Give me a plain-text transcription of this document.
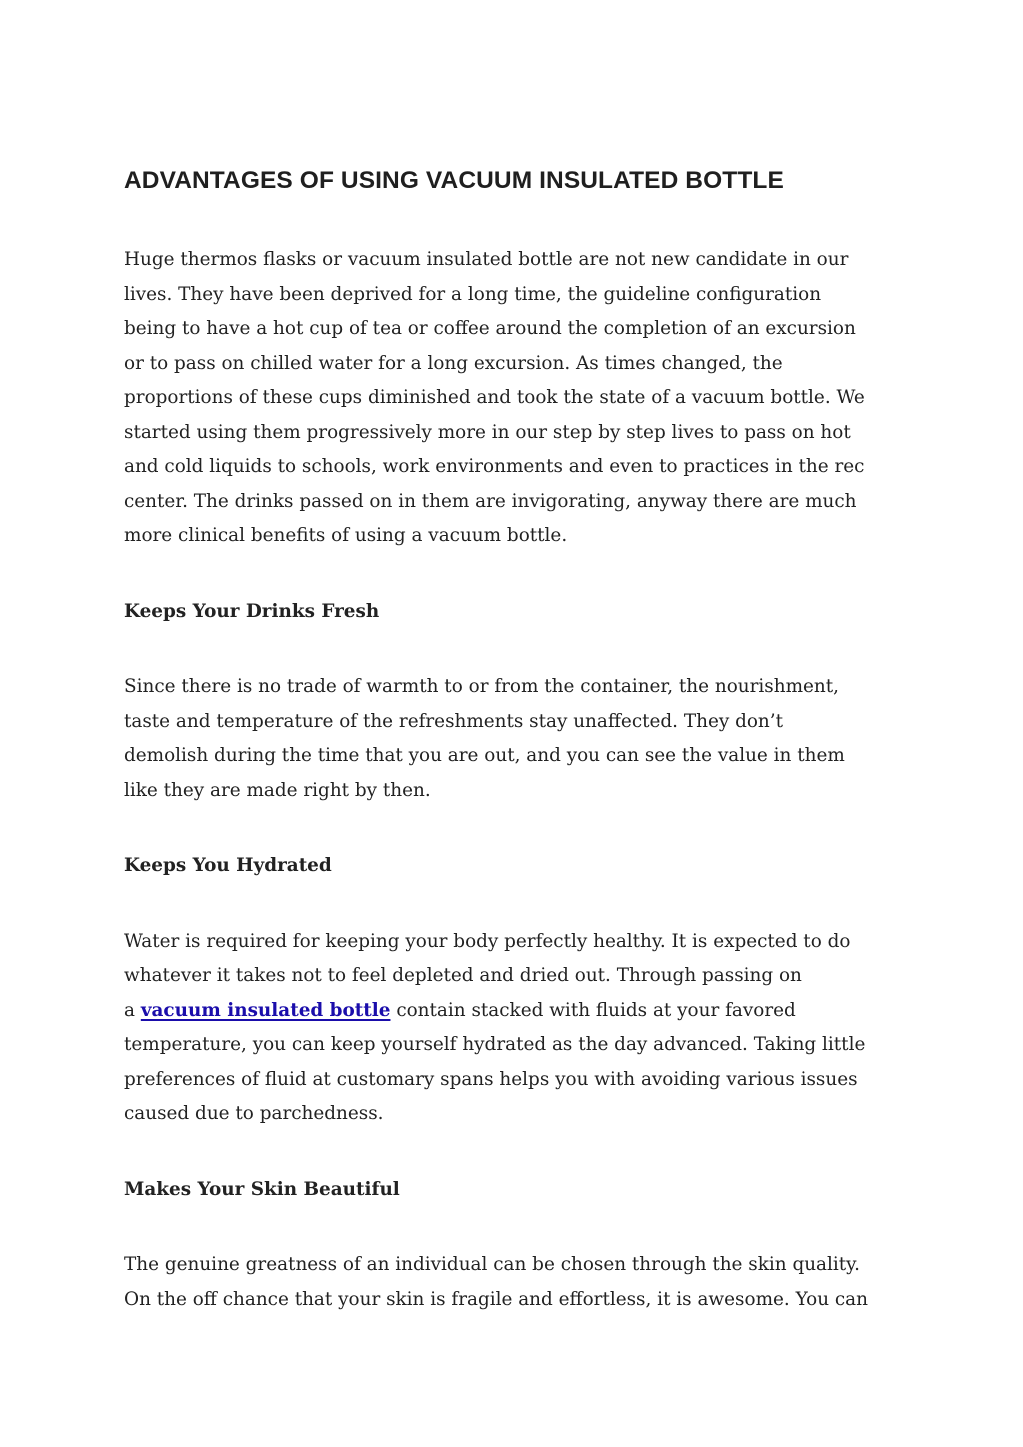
ADVANTAGES OF USING VACUUM INSULATED BOTTLE

Huge thermos flasks or vacuum insulated bottle are not new candidate in our
lives. They have been deprived for a long time, the guideline configuration
being to have a hot cup of tea or coffee around the completion of an excursion
or to pass on chilled water for a long excursion. As times changed, the
proportions of these cups diminished and took the state of a vacuum bottle. We
started using them progressively more in our step by step lives to pass on hot
and cold liquids to schools, work environments and even to practices in the rec
center. The drinks passed on in them are invigorating, anyway there are much
more clinical benefits of using a vacuum bottle.

Keeps Your Drinks Fresh

Since there is no trade of warmth to or from the container, the nourishment,
taste and temperature of the refreshments stay unaffected. They don’t
demolish during the time that you are out, and you can see the value in them
like they are made right by then.

Keeps You Hydrated

Water is required for keeping your body perfectly healthy. It is expected to do
whatever it takes not to feel depleted and dried out. Through passing on
a vacuum insulated bottle contain stacked with fluids at your favored
temperature, you can keep yourself hydrated as the day advanced. Taking little
preferences of fluid at customary spans helps you with avoiding various issues
caused due to parchedness.

Makes Your Skin Beautiful

The genuine greatness of an individual can be chosen through the skin quality.
On the off chance that your skin is fragile and effortless, it is awesome. You can
